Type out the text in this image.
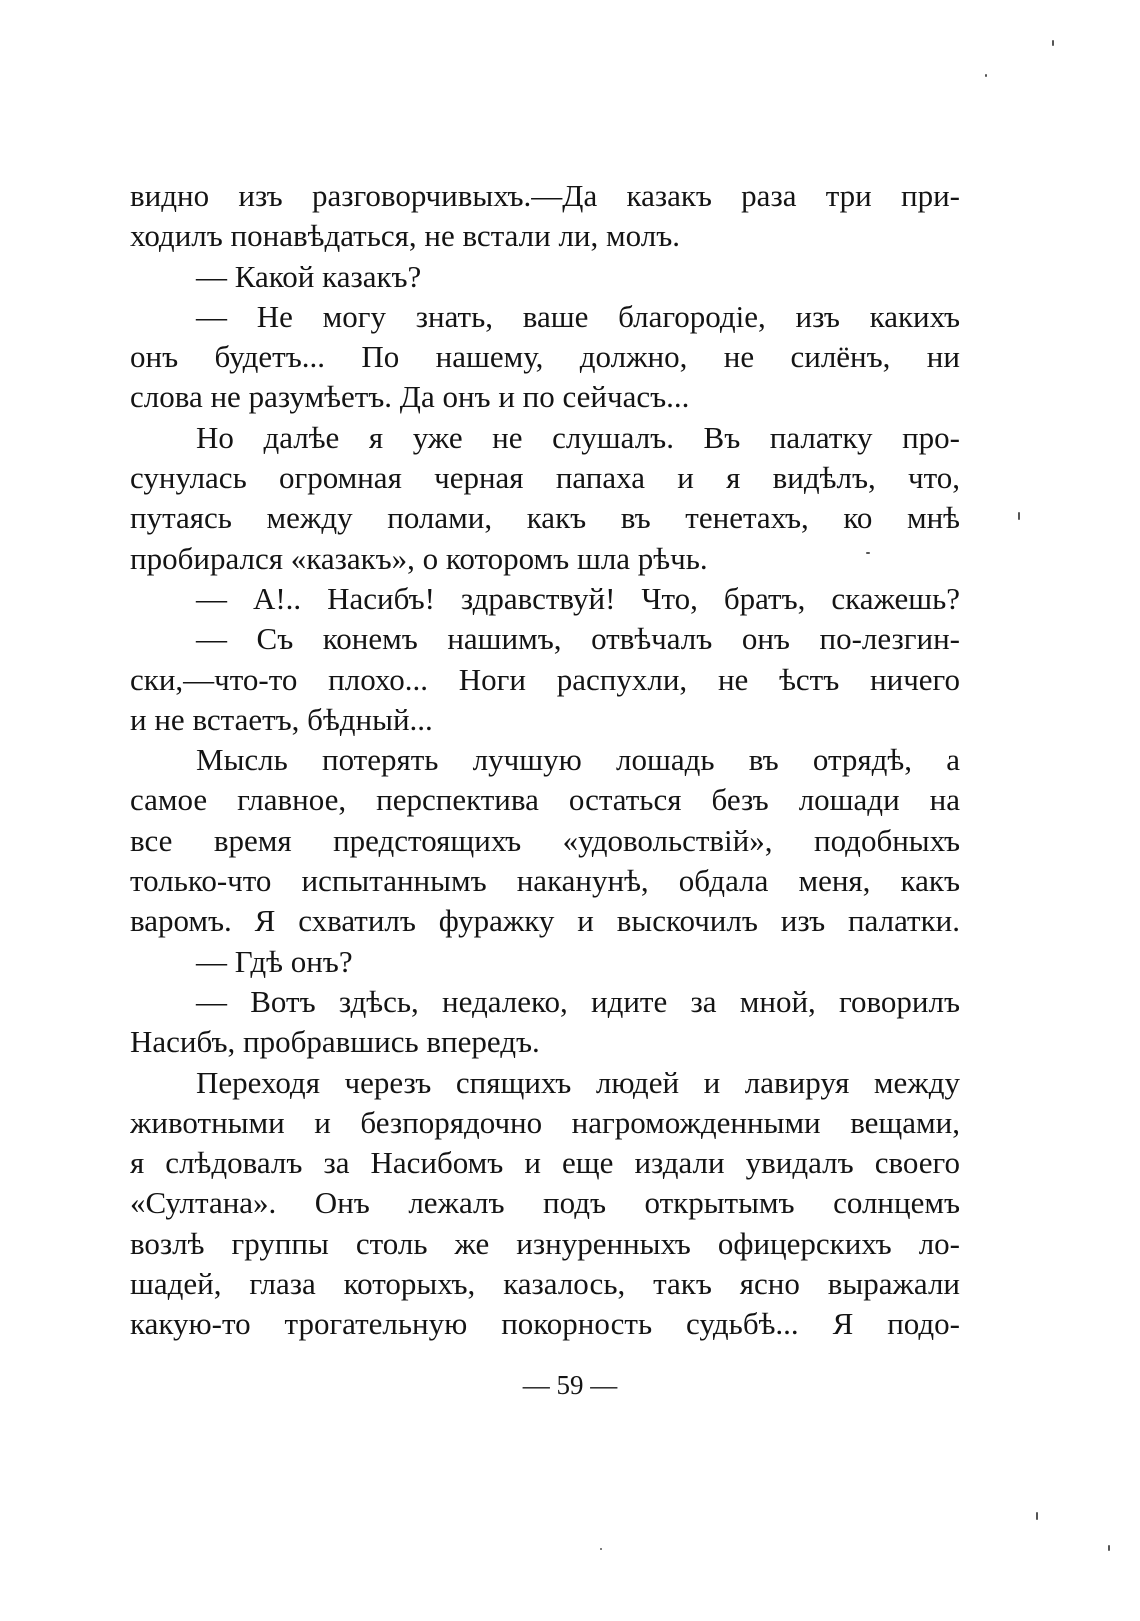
видно изъ разговорчивыхъ.—Да казакъ раза три при-
ходилъ понавѣдаться, не встали ли, молъ.
— Какой казакъ?
— Не могу знать, ваше благородіе, изъ какихъ
онъ будетъ... По нашему, должно, не силёнъ, ни
слова не разумѣетъ. Да онъ и по сейчасъ...
Но далѣе я уже не слушалъ. Въ палатку про-
сунулась огромная черная папаха и я видѣлъ, что,
путаясь между полами, какъ въ тенетахъ, ко мнѣ
пробирался «казакъ», о которомъ шла рѣчь.
— А!.. Насибъ! здравствуй! Что, братъ, скажешь?
— Съ конемъ нашимъ, отвѣчалъ онъ по-лезгин-
ски,—что-то плохо... Ноги распухли, не ѣстъ ничего
и не встаетъ, бѣдный...
Мысль потерять лучшую лошадь въ отрядѣ, а
самое главное, перспектива остаться безъ лошади на
все время предстоящихъ «удовольствій», подобныхъ
только-что испытаннымъ наканунѣ, обдала меня, какъ
варомъ. Я схватилъ фуражку и выскочилъ изъ палатки.
— Гдѣ онъ?
— Вотъ здѣсь, недалеко, идите за мной, говорилъ
Насибъ, пробравшись впередъ.
Переходя черезъ спящихъ людей и лавируя между
животными и безпорядочно нагроможденными вещами,
я слѣдовалъ за Насибомъ и еще издали увидалъ своего
«Султана». Онъ лежалъ подъ открытымъ солнцемъ
возлѣ группы столь же изнуренныхъ офицерскихъ ло-
шадей, глаза которыхъ, казалось, такъ ясно выражали
какую-то трогательную покорность судьбѣ... Я подо-
— 59 —
